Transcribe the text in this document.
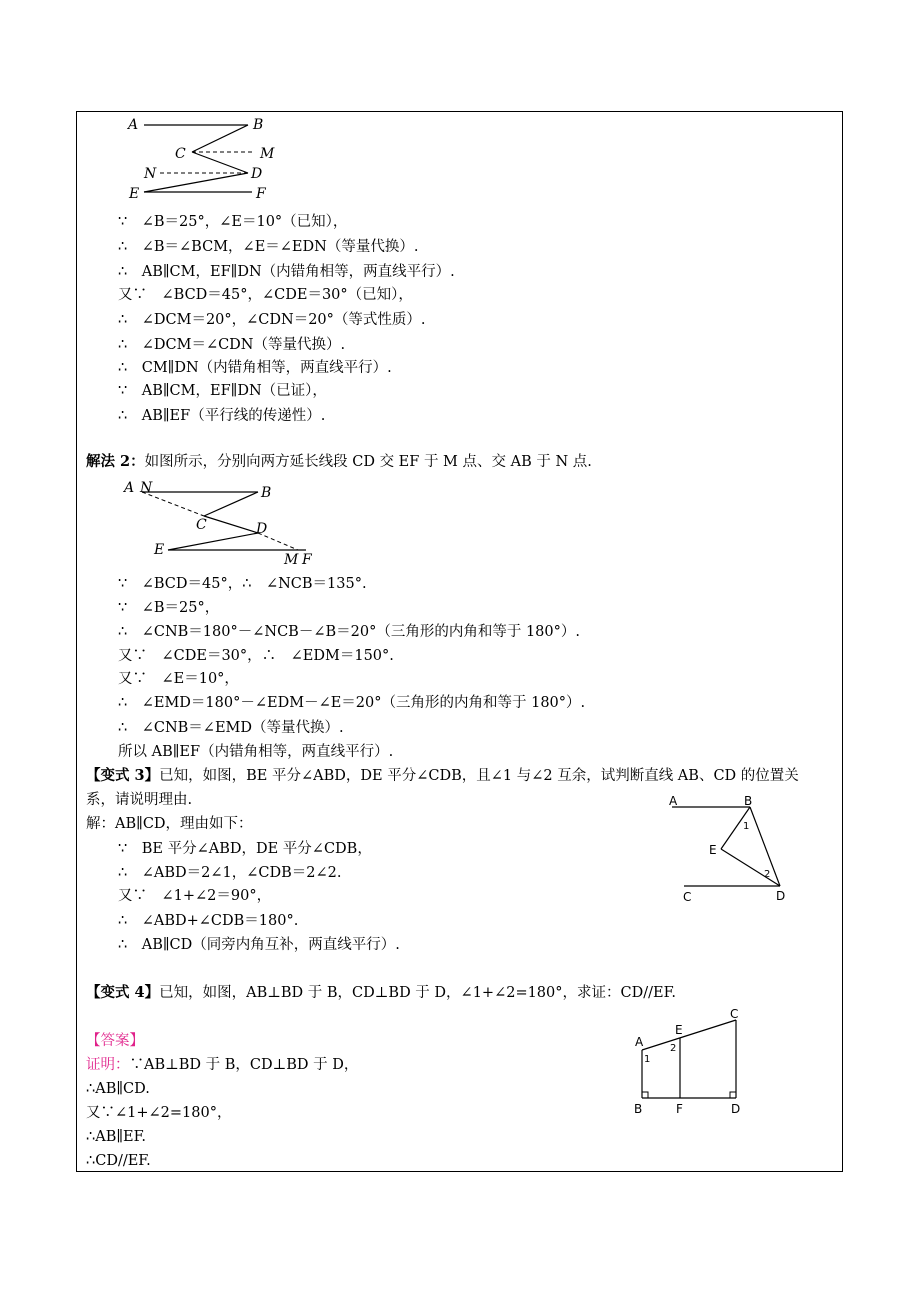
A	B
C	M
N	D
E	F
∵　∠B＝25°，∠E＝10°（已知），
∴　∠B＝∠BCM，∠E＝∠EDN（等量代换）.
∴　AB∥CM，EF∥DN（内错角相等，两直线平行）.
又∵　∠BCD＝45°，∠CDE＝30°（已知），
∴　∠DCM＝20°，∠CDN＝20°（等式性质）.
∴　∠DCM＝∠CDN（等量代换）.
∴　CM∥DN（内错角相等，两直线平行）.
∵　AB∥CM，EF∥DN（已证），
∴　AB∥EF（平行线的传递性）.
解法 2：如图所示，分别向两方延长线段 CD 交 EF 于 M 点、交 AB 于 N 点.
A N	B
C	D
E
M F
∵　∠BCD＝45°，∴　∠NCB＝135°.
∵　∠B＝25°，
∴　∠CNB＝180°－∠NCB－∠B＝20°（三角形的内角和等于 180°）.
又∵　∠CDE＝30°，∴　∠EDM＝150°.
又∵　∠E＝10°，
∴　∠EMD＝180°－∠EDM－∠E＝20°（三角形的内角和等于 180°）.
∴　∠CNB＝∠EMD（等量代换）.
所以 AB∥EF（内错角相等，两直线平行）.
【变式 3】已知，如图，BE 平分∠ABD，DE 平分∠CDB，且∠1 与∠2 互余，试判断直线 AB、CD 的位置关
系，请说明理由.
解：AB∥CD，理由如下：
A	B
E
C	D
1
2
∵　BE 平分∠ABD，DE 平分∠CDB，
∴　∠ABD＝2∠1，∠CDB＝2∠2.
又∵　∠1+∠2＝90°，
∴　∠ABD+∠CDB＝180°.
∴　AB∥CD（同旁内角互补，两直线平行）.
【变式 4】已知，如图，AB⊥BD 于 B，CD⊥BD 于 D，∠1+∠2=180°，求证：CD//EF.
【答案】
证明：∵AB⊥BD 于 B，CD⊥BD 于 D，
∴AB∥CD.
又∵∠1+∠2=180°，
∴AB∥EF.
∴CD//EF.
A
E
C
B	F	D
1
2
